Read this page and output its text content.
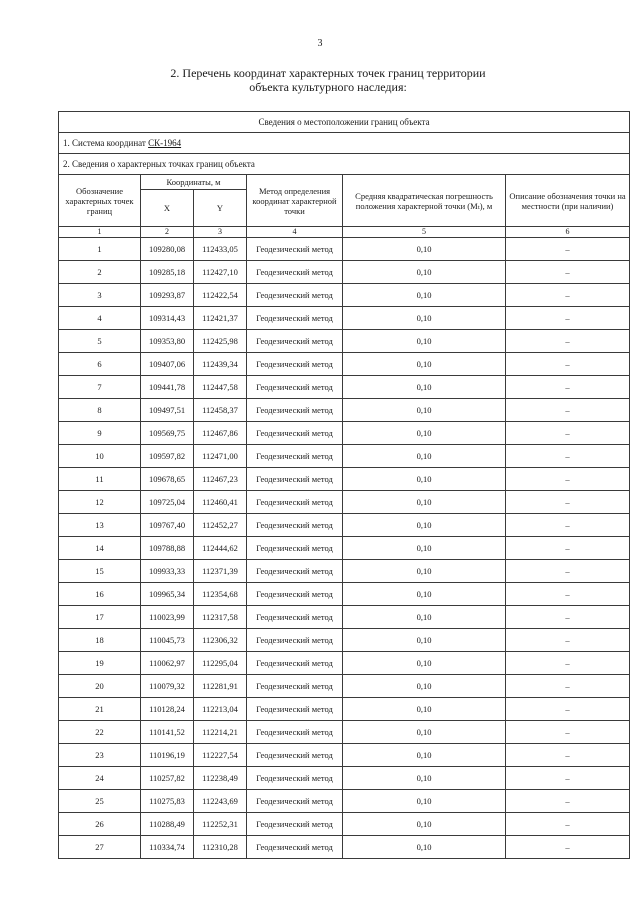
3
2. Перечень координат характерных точек границ территории
объекта культурного наследия:
Сведения о местоположении границ объекта					
1. Система координат СК-1964					
2. Сведения о характерных точках границ объекта					
Обозначение характерных точек границ	Координаты, м		Метод определения координат характерной точки	Средняя квадратическая погрешность положения характерной точки (Mₜ), м	Описание обозначения точки на местности (при наличии)
	X	Y			
1	2	3	4	5	6
1	109280,08	112433,05	Геодезический метод	0,10	–
2	109285,18	112427,10	Геодезический метод	0,10	–
3	109293,87	112422,54	Геодезический метод	0,10	–
4	109314,43	112421,37	Геодезический метод	0,10	–
5	109353,80	112425,98	Геодезический метод	0,10	–
6	109407,06	112439,34	Геодезический метод	0,10	–
7	109441,78	112447,58	Геодезический метод	0,10	–
8	109497,51	112458,37	Геодезический метод	0,10	–
9	109569,75	112467,86	Геодезический метод	0,10	–
10	109597,82	112471,00	Геодезический метод	0,10	–
11	109678,65	112467,23	Геодезический метод	0,10	–
12	109725,04	112460,41	Геодезический метод	0,10	–
13	109767,40	112452,27	Геодезический метод	0,10	–
14	109788,88	112444,62	Геодезический метод	0,10	–
15	109933,33	112371,39	Геодезический метод	0,10	–
16	109965,34	112354,68	Геодезический метод	0,10	–
17	110023,99	112317,58	Геодезический метод	0,10	–
18	110045,73	112306,32	Геодезический метод	0,10	–
19	110062,97	112295,04	Геодезический метод	0,10	–
20	110079,32	112281,91	Геодезический метод	0,10	–
21	110128,24	112213,04	Геодезический метод	0,10	–
22	110141,52	112214,21	Геодезический метод	0,10	–
23	110196,19	112227,54	Геодезический метод	0,10	–
24	110257,82	112238,49	Геодезический метод	0,10	–
25	110275,83	112243,69	Геодезический метод	0,10	–
26	110288,49	112252,31	Геодезический метод	0,10	–
27	110334,74	112310,28	Геодезический метод	0,10	–
